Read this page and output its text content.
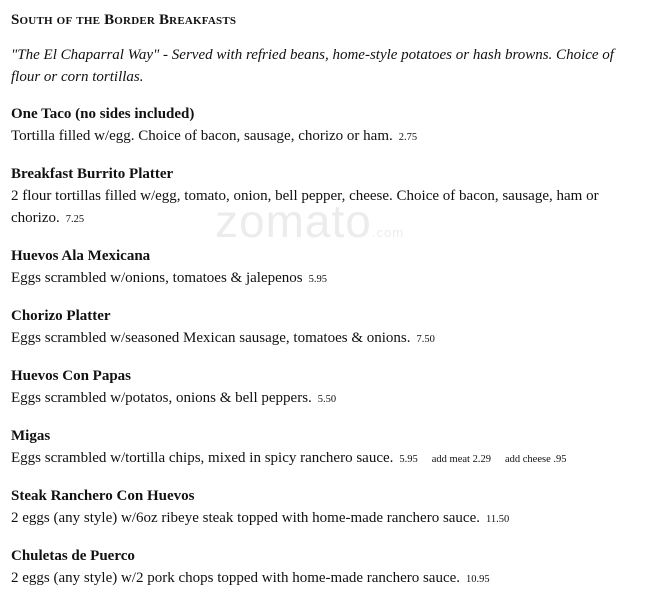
zomato.com
South of the Border Breakfasts
"The El Chaparral Way" - Served with refried beans, home-style potatoes or hash browns. Choice of flour or corn tortillas.
One Taco (no sides included)
Tortilla filled w/egg. Choice of bacon, sausage, chorizo or ham. 2.75
Breakfast Burrito Platter
2 flour tortillas filled w/egg, tomato, onion, bell pepper, cheese. Choice of bacon, sausage, ham or chorizo. 7.25
Huevos Ala Mexicana
Eggs scrambled w/onions, tomatoes & jalepenos 5.95
Chorizo Platter
Eggs scrambled w/seasoned Mexican sausage, tomatoes & onions. 7.50
Huevos Con Papas
Eggs scrambled w/potatos, onions & bell peppers. 5.50
Migas
Eggs scrambled w/tortilla chips, mixed in spicy ranchero sauce. 5.95 add meat 2.29 add cheese .95
Steak Ranchero Con Huevos
2 eggs (any style) w/6oz ribeye steak topped with home-made ranchero sauce. 11.50
Chuletas de Puerco
2 eggs (any style) w/2 pork chops topped with home-made ranchero sauce. 10.95
